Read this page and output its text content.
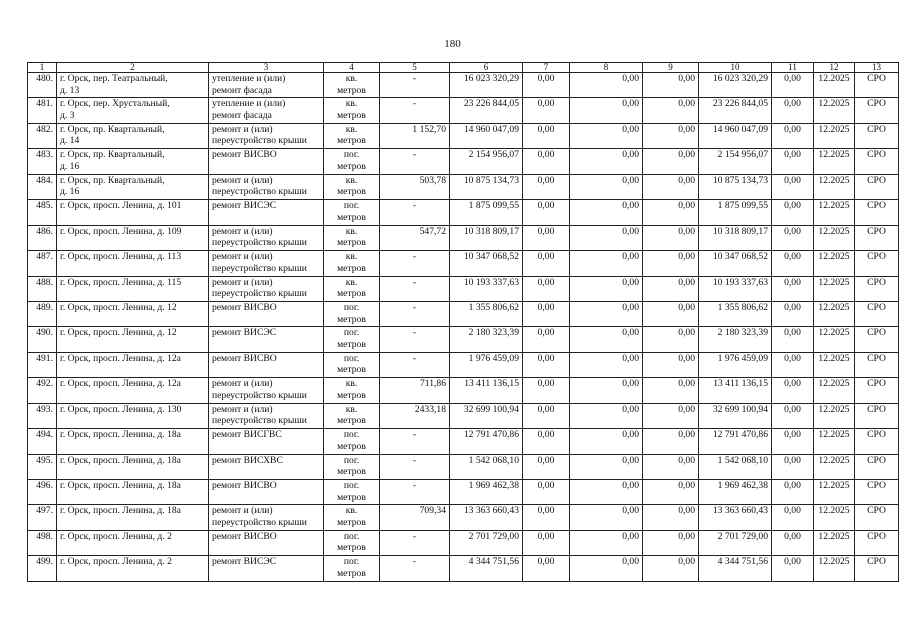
180
1	2	3	4	5	6	7	8	9	10	11	12	13
480.	г. Орск, пер. Театральный,
д. 13	утепление и (или)
ремонт фасада	кв.
метров	-	16 023 320,29	0,00	0,00	0,00	16 023 320,29	0,00	12.2025	СРО
481.	г. Орск, пер. Хрустальный,
д. 3	утепление и (или)
ремонт фасада	кв.
метров	-	23 226 844,05	0,00	0,00	0,00	23 226 844,05	0,00	12.2025	СРО
482.	г. Орск, пр. Квартальный,
д. 14	ремонт и (или)
переустройство крыши	кв.
метров	1 152,70	14 960 047,09	0,00	0,00	0,00	14 960 047,09	0,00	12.2025	СРО
483.	г. Орск, пр. Квартальный,
д. 16	ремонт ВИСВО	пог.
метров	-	2 154 956,07	0,00	0,00	0,00	2 154 956,07	0,00	12.2025	СРО
484.	г. Орск, пр. Квартальный,
д. 16	ремонт и (или)
переустройство крыши	кв.
метров	503,78	10 875 134,73	0,00	0,00	0,00	10 875 134,73	0,00	12.2025	СРО
485.	г. Орск, просп. Ленина, д. 101	ремонт ВИСЭС	пог.
метров	-	1 875 099,55	0,00	0,00	0,00	1 875 099,55	0,00	12.2025	СРО
486.	г. Орск, просп. Ленина, д. 109	ремонт и (или)
переустройство крыши	кв.
метров	547,72	10 318 809,17	0,00	0,00	0,00	10 318 809,17	0,00	12.2025	СРО
487.	г. Орск, просп. Ленина, д. 113	ремонт и (или)
переустройство крыши	кв.
метров	-	10 347 068,52	0,00	0,00	0,00	10 347 068,52	0,00	12.2025	СРО
488.	г. Орск, просп. Ленина, д. 115	ремонт и (или)
переустройство крыши	кв.
метров	-	10 193 337,63	0,00	0,00	0,00	10 193 337,63	0,00	12.2025	СРО
489.	г. Орск, просп. Ленина, д. 12	ремонт ВИСВО	пог.
метров	-	1 355 806,62	0,00	0,00	0,00	1 355 806,62	0,00	12.2025	СРО
490.	г. Орск, просп. Ленина, д. 12	ремонт ВИСЭС	пог.
метров	-	2 180 323,39	0,00	0,00	0,00	2 180 323,39	0,00	12.2025	СРО
491.	г. Орск, просп. Ленина, д. 12а	ремонт ВИСВО	пог.
метров	-	1 976 459,09	0,00	0,00	0,00	1 976 459,09	0,00	12.2025	СРО
492.	г. Орск, просп. Ленина, д. 12а	ремонт и (или)
переустройство крыши	кв.
метров	711,86	13 411 136,15	0,00	0,00	0,00	13 411 136,15	0,00	12.2025	СРО
493.	г. Орск, просп. Ленина, д. 130	ремонт и (или)
переустройство крыши	кв.
метров	2433,18	32 699 100,94	0,00	0,00	0,00	32 699 100,94	0,00	12.2025	СРО
494.	г. Орск, просп. Ленина, д. 18а	ремонт ВИСГВС	пог.
метров	-	12 791 470,86	0,00	0,00	0,00	12 791 470,86	0,00	12.2025	СРО
495.	г. Орск, просп. Ленина, д. 18а	ремонт ВИСХВС	пог.
метров	-	1 542 068,10	0,00	0,00	0,00	1 542 068,10	0,00	12.2025	СРО
496.	г. Орск, просп. Ленина, д. 18а	ремонт ВИСВО	пог.
метров	-	1 969 462,38	0,00	0,00	0,00	1 969 462,38	0,00	12.2025	СРО
497.	г. Орск, просп. Ленина, д. 18а	ремонт и (или)
переустройство крыши	кв.
метров	709,34	13 363 660,43	0,00	0,00	0,00	13 363 660,43	0,00	12.2025	СРО
498.	г. Орск, просп. Ленина, д. 2	ремонт ВИСВО	пог.
метров	-	2 701 729,00	0,00	0,00	0,00	2 701 729,00	0,00	12.2025	СРО
499.	г. Орск, просп. Ленина, д. 2	ремонт ВИСЭС	пог.
метров	-	4 344 751,56	0,00	0,00	0,00	4 344 751,56	0,00	12.2025	СРО
